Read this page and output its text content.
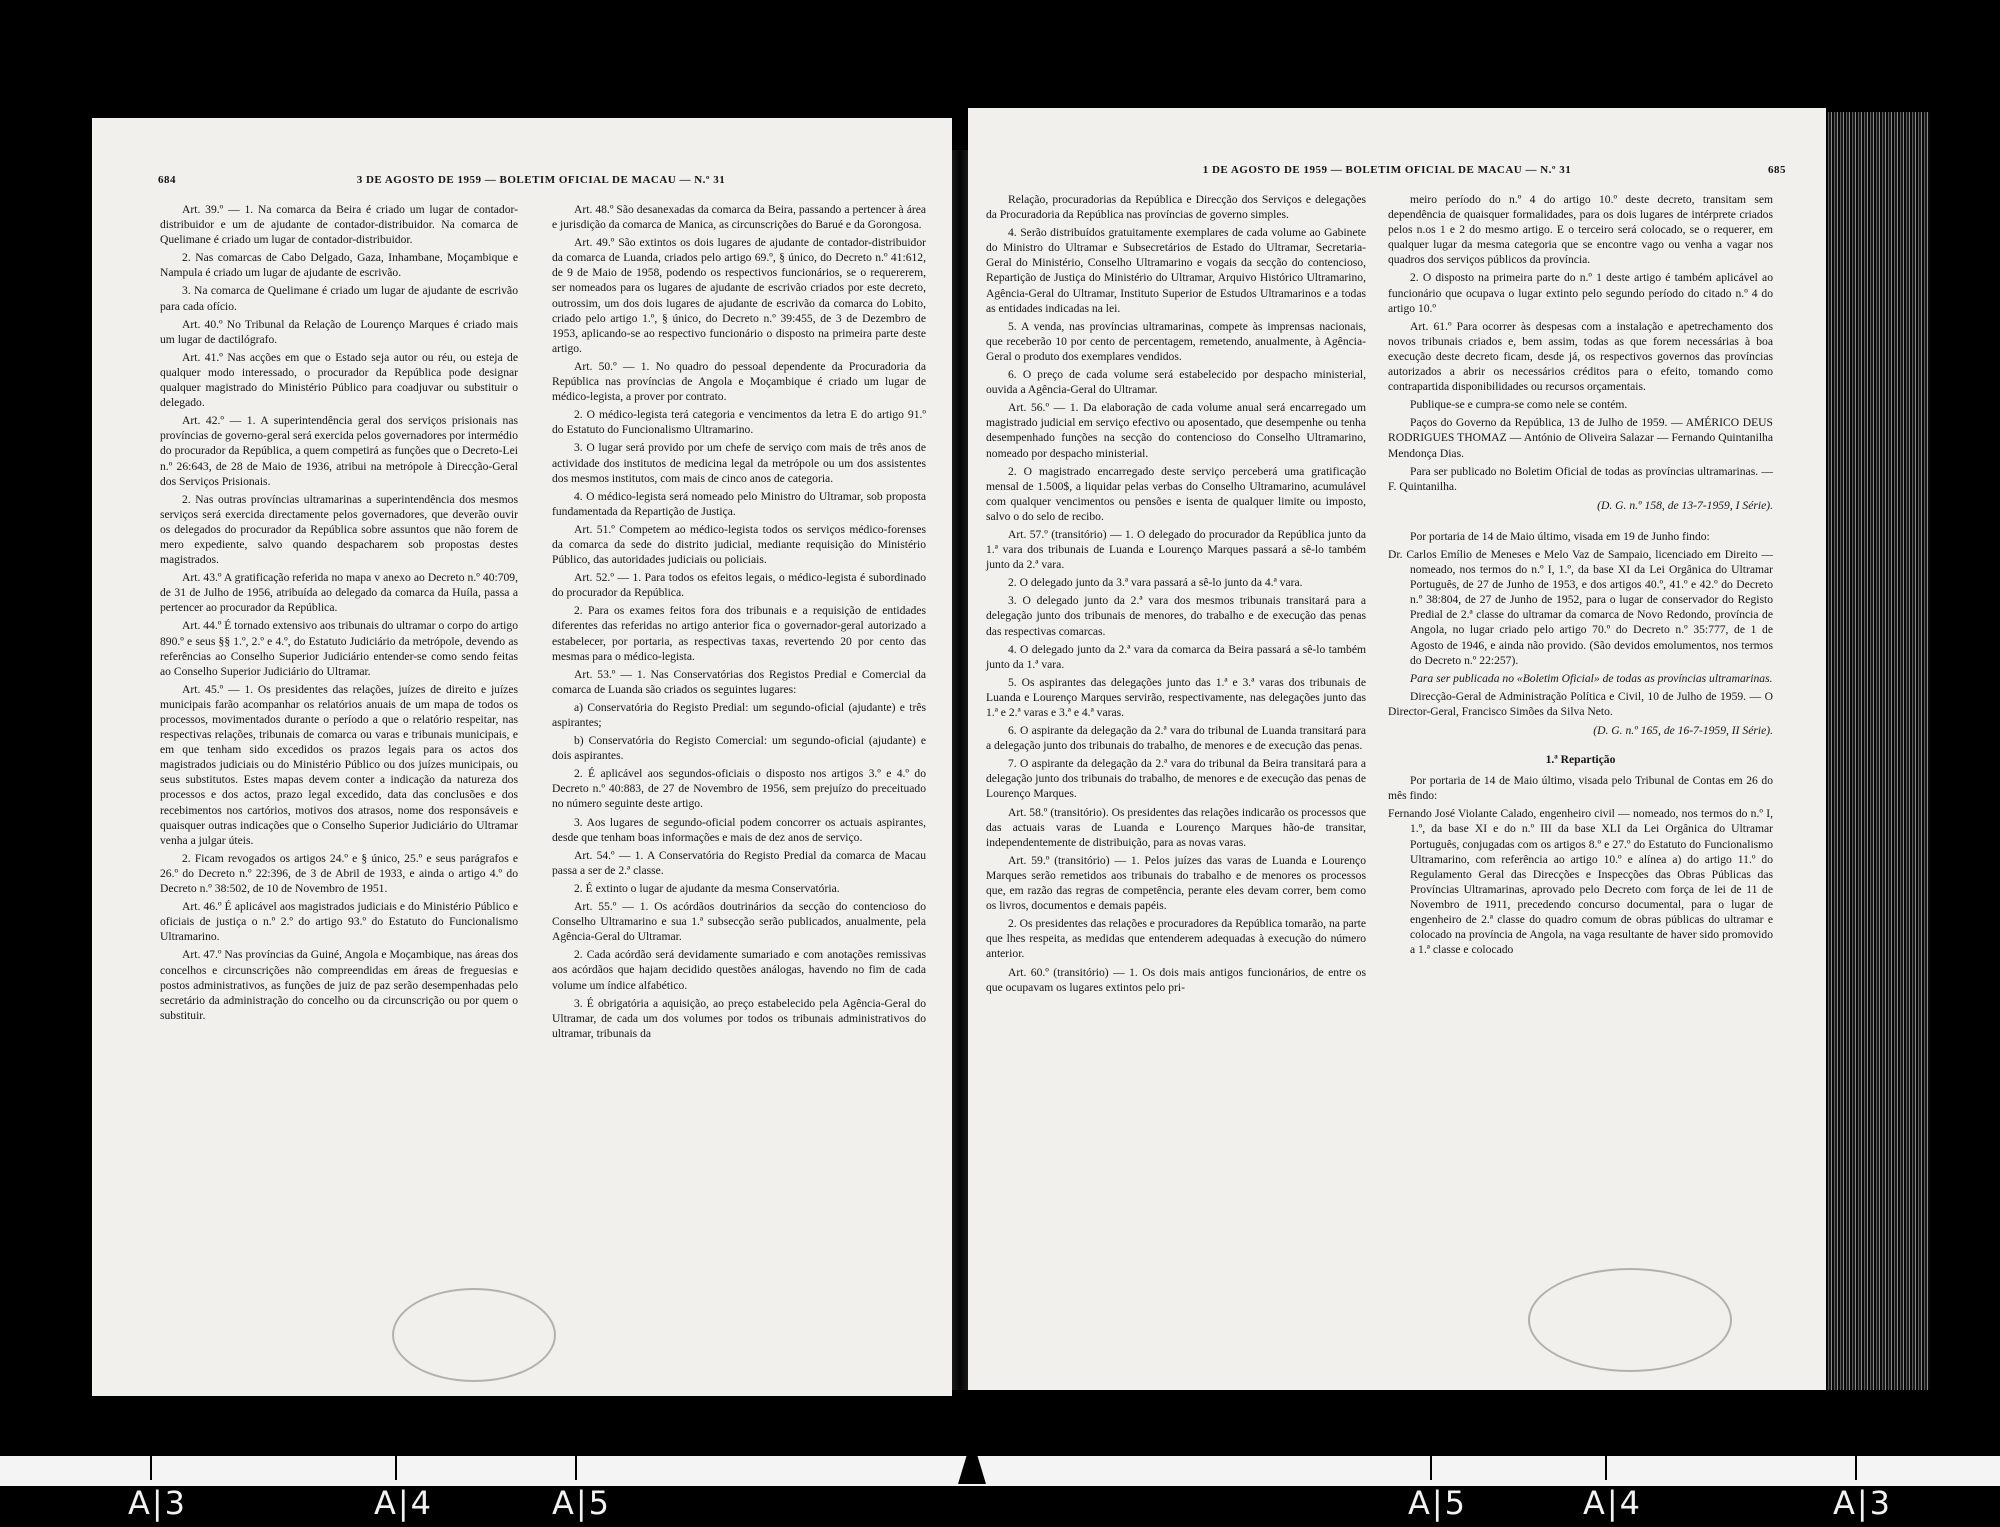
684	3 DE AGOSTO DE 1959 — BOLETIM OFICIAL DE MACAU — N.º 31

Art. 39.º — 1. Na comarca da Beira é criado um lugar de contador-distribuidor e um de ajudante de contador-distribuidor. Na comarca de Quelimane é criado um lugar de contador-distribuidor.

2. Nas comarcas de Cabo Delgado, Gaza, Inhambane, Moçambique e Nampula é criado um lugar de ajudante de escrivão.

3. Na comarca de Quelimane é criado um lugar de ajudante de escrivão para cada ofício.

Art. 40.º No Tribunal da Relação de Lourenço Marques é criado mais um lugar de dactilógrafo.

Art. 41.º Nas acções em que o Estado seja autor ou réu, ou esteja de qualquer modo interessado, o procurador da República pode designar qualquer magistrado do Ministério Público para coadjuvar ou substituir o delegado.

Art. 42.º — 1. A superintendência geral dos serviços prisionais nas províncias de governo-geral será exercida pelos governadores por intermédio do procurador da República, a quem competirá as funções que o Decreto-Lei n.º 26:643, de 28 de Maio de 1936, atribui na metrópole à Direcção-Geral dos Serviços Prisionais.

2. Nas outras províncias ultramarinas a superintendência dos mesmos serviços será exercida directamente pelos governadores, que deverão ouvir os delegados do procurador da República sobre assuntos que não forem de mero expediente, salvo quando despacharem sob propostas destes magistrados.

Art. 43.º A gratificação referida no mapa v anexo ao Decreto n.º 40:709, de 31 de Julho de 1956, atribuída ao delegado da comarca da Huíla, passa a pertencer ao procurador da República.

Art. 44.º É tornado extensivo aos tribunais do ultramar o corpo do artigo 890.º e seus §§ 1.º, 2.º e 4.º, do Estatuto Judiciário da metrópole, devendo as referências ao Conselho Superior Judiciário entender-se como sendo feitas ao Conselho Superior Judiciário do Ultramar.

Art. 45.º — 1. Os presidentes das relações, juízes de direito e juízes municipais farão acompanhar os relatórios anuais de um mapa de todos os processos, movimentados durante o período a que o relatório respeitar, nas respectivas relações, tribunais de comarca ou varas e tribunais municipais, e em que tenham sido excedidos os prazos legais para os actos dos magistrados judiciais ou do Ministério Público ou dos juízes municipais, ou seus substitutos. Estes mapas devem conter a indicação da natureza dos processos e dos actos, prazo legal excedido, data das conclusões e dos recebimentos nos cartórios, motivos dos atrasos, nome dos responsáveis e quaisquer outras indicações que o Conselho Superior Judiciário do Ultramar venha a julgar úteis.

2. Ficam revogados os artigos 24.º e § único, 25.º e seus parágrafos e 26.º do Decreto n.º 22:396, de 3 de Abril de 1933, e ainda o artigo 4.º do Decreto n.º 38:502, de 10 de Novembro de 1951.

Art. 46.º É aplicável aos magistrados judiciais e do Ministério Público e oficiais de justiça o n.º 2.º do artigo 93.º do Estatuto do Funcionalismo Ultramarino.

Art. 47.º Nas províncias da Guiné, Angola e Moçambique, nas áreas dos concelhos e circunscrições não compreendidas em áreas de freguesias e postos administrativos, as funções de juiz de paz serão desempenhadas pelo secretário da administração do concelho ou da circunscrição ou por quem o substituir.

Art. 48.º São desanexadas da comarca da Beira, passando a pertencer à área e jurisdição da comarca de Manica, as circunscrições do Barué e da Gorongosa.

Art. 49.º São extintos os dois lugares de ajudante de contador-distribuidor da comarca de Luanda, criados pelo artigo 69.º, § único, do Decreto n.º 41:612, de 9 de Maio de 1958, podendo os respectivos funcionários, se o requererem, ser nomeados para os lugares de ajudante de escrivão criados por este decreto, outrossim, um dos dois lugares de ajudante de escrivão da comarca do Lobito, criado pelo artigo 1.º, § único, do Decreto n.º 39:455, de 3 de Dezembro de 1953, aplicando-se ao respectivo funcionário o disposto na primeira parte deste artigo.

Art. 50.º — 1. No quadro do pessoal dependente da Procuradoria da República nas províncias de Angola e Moçambique é criado um lugar de médico-legista, a prover por contrato.

2. O médico-legista terá categoria e vencimentos da letra E do artigo 91.º do Estatuto do Funcionalismo Ultramarino.

3. O lugar será provido por um chefe de serviço com mais de três anos de actividade dos institutos de medicina legal da metrópole ou um dos assistentes dos mesmos institutos, com mais de cinco anos de categoria.

4. O médico-legista será nomeado pelo Ministro do Ultramar, sob proposta fundamentada da Repartição de Justiça.

Art. 51.º Competem ao médico-legista todos os serviços médico-forenses da comarca da sede do distrito judicial, mediante requisição do Ministério Público, das autoridades judiciais ou policiais.

Art. 52.º — 1. Para todos os efeitos legais, o médico-legista é subordinado do procurador da República.

2. Para os exames feitos fora dos tribunais e a requisição de entidades diferentes das referidas no artigo anterior fica o governador-geral autorizado a estabelecer, por portaria, as respectivas taxas, revertendo 20 por cento das mesmas para o médico-legista.

Art. 53.º — 1. Nas Conservatórias dos Registos Predial e Comercial da comarca de Luanda são criados os seguintes lugares:

a) Conservatória do Registo Predial: um segundo-oficial (ajudante) e três aspirantes;

b) Conservatória do Registo Comercial: um segundo-oficial (ajudante) e dois aspirantes.

2. É aplicável aos segundos-oficiais o disposto nos artigos 3.º e 4.º do Decreto n.º 40:883, de 27 de Novembro de 1956, sem prejuízo do preceituado no número seguinte deste artigo.

3. Aos lugares de segundo-oficial podem concorrer os actuais aspirantes, desde que tenham boas informações e mais de dez anos de serviço.

Art. 54.º — 1. A Conservatória do Registo Predial da comarca de Macau passa a ser de 2.ª classe.

2. É extinto o lugar de ajudante da mesma Conservatória.

Art. 55.º — 1. Os acórdãos doutrinários da secção do contencioso do Conselho Ultramarino e sua 1.ª subsecção serão publicados, anualmente, pela Agência-Geral do Ultramar.

2. Cada acórdão será devidamente sumariado e com anotações remissivas aos acórdãos que hajam decidido questões análogas, havendo no fim de cada volume um índice alfabético.

3. É obrigatória a aquisição, ao preço estabelecido pela Agência-Geral do Ultramar, de cada um dos volumes por todos os tribunais administrativos do ultramar, tribunais da

1 DE AGOSTO DE 1959 — BOLETIM OFICIAL DE MACAU — N.º 31	685

Relação, procuradorias da República e Direcção dos Serviços e delegações da Procuradoria da República nas províncias de governo simples.

4. Serão distribuídos gratuitamente exemplares de cada volume ao Gabinete do Ministro do Ultramar e Subsecretários de Estado do Ultramar, Secretaria-Geral do Ministério, Conselho Ultramarino e vogais da secção do contencioso, Repartição de Justiça do Ministério do Ultramar, Arquivo Histórico Ultramarino, Agência-Geral do Ultramar, Instituto Superior de Estudos Ultramarinos e a todas as entidades indicadas na lei.

5. A venda, nas províncias ultramarinas, compete às imprensas nacionais, que receberão 10 por cento de percentagem, remetendo, anualmente, à Agência-Geral o produto dos exemplares vendidos.

6. O preço de cada volume será estabelecido por despacho ministerial, ouvida a Agência-Geral do Ultramar.

Art. 56.º — 1. Da elaboração de cada volume anual será encarregado um magistrado judicial em serviço efectivo ou aposentado, que desempenhe ou tenha desempenhado funções na secção do contencioso do Conselho Ultramarino, nomeado por despacho ministerial.

2. O magistrado encarregado deste serviço perceberá uma gratificação mensal de 1.500$, a liquidar pelas verbas do Conselho Ultramarino, acumulável com qualquer vencimentos ou pensões e isenta de qualquer limite ou imposto, salvo o do selo de recibo.

Art. 57.º (transitório) — 1. O delegado do procurador da República junto da 1.ª vara dos tribunais de Luanda e Lourenço Marques passará a sê-lo também junto da 2.ª vara.

2. O delegado junto da 3.ª vara passará a sê-lo junto da 4.ª vara.

3. O delegado junto da 2.ª vara dos mesmos tribunais transitará para a delegação junto dos tribunais de menores, do trabalho e de execução das penas das respectivas comarcas.

4. O delegado junto da 2.ª vara da comarca da Beira passará a sê-lo também junto da 1.ª vara.

5. Os aspirantes das delegações junto das 1.ª e 3.ª varas dos tribunais de Luanda e Lourenço Marques servirão, respectivamente, nas delegações junto das 1.ª e 2.ª varas e 3.ª e 4.ª varas.

6. O aspirante da delegação da 2.ª vara do tribunal de Luanda transitará para a delegação junto dos tribunais do trabalho, de menores e de execução das penas.

7. O aspirante da delegação da 2.ª vara do tribunal da Beira transitará para a delegação junto dos tribunais do trabalho, de menores e de execução das penas de Lourenço Marques.

Art. 58.º (transitório). Os presidentes das relações indicarão os processos que das actuais varas de Luanda e Lourenço Marques hão-de transitar, independentemente de distribuição, para as novas varas.

Art. 59.º (transitório) — 1. Pelos juízes das varas de Luanda e Lourenço Marques serão remetidos aos tribunais do trabalho e de menores os processos que, em razão das regras de competência, perante eles devam correr, bem como os livros, documentos e demais papéis.

2. Os presidentes das relações e procuradores da República tomarão, na parte que lhes respeita, as medidas que entenderem adequadas à execução do número anterior.

Art. 60.º (transitório) — 1. Os dois mais antigos funcionários, de entre os que ocupavam os lugares extintos pelo pri-

meiro período do n.º 4 do artigo 10.º deste decreto, transitam sem dependência de quaisquer formalidades, para os dois lugares de intérprete criados pelos n.os 1 e 2 do mesmo artigo. E o terceiro será colocado, se o requerer, em qualquer lugar da mesma categoria que se encontre vago ou venha a vagar nos quadros dos serviços públicos da província.

2. O disposto na primeira parte do n.º 1 deste artigo é também aplicável ao funcionário que ocupava o lugar extinto pelo segundo período do citado n.º 4 do artigo 10.º

Art. 61.º Para ocorrer às despesas com a instalação e apetrechamento dos novos tribunais criados e, bem assim, todas as que forem necessárias à boa execução deste decreto ficam, desde já, os respectivos governos das províncias autorizados a abrir os necessários créditos para o efeito, tomando como contrapartida disponibilidades ou recursos orçamentais.

Publique-se e cumpra-se como nele se contém.

Paços do Governo da República, 13 de Julho de 1959. — AMÉRICO DEUS RODRIGUES THOMAZ — António de Oliveira Salazar — Fernando Quintanilha Mendonça Dias.

Para ser publicado no Boletim Oficial de todas as províncias ultramarinas. — F. Quintanilha.

(D. G. n.º 158, de 13-7-1959, I Série).

Por portaria de 14 de Maio último, visada em 19 de Junho findo:

Dr. Carlos Emílio de Meneses e Melo Vaz de Sampaio, licenciado em Direito — nomeado, nos termos do n.º I, 1.º, da base XI da Lei Orgânica do Ultramar Português, de 27 de Junho de 1953, e dos artigos 40.º, 41.º e 42.º do Decreto n.º 38:804, de 27 de Junho de 1952, para o lugar de conservador do Registo Predial de 2.ª classe do ultramar da comarca de Novo Redondo, província de Angola, no lugar criado pelo artigo 70.º do Decreto n.º 35:777, de 1 de Agosto de 1946, e ainda não provido. (São devidos emolumentos, nos termos do Decreto n.º 22:257).

Para ser publicada no «Boletim Oficial» de todas as províncias ultramarinas.

Direcção-Geral de Administração Política e Civil, 10 de Julho de 1959. — O Director-Geral, Francisco Simões da Silva Neto.

(D. G. n.º 165, de 16-7-1959, II Série).

1.ª Repartição

Por portaria de 14 de Maio último, visada pelo Tribunal de Contas em 26 do mês findo:

Fernando José Violante Calado, engenheiro civil — nomeado, nos termos do n.º I, 1.º, da base XI e do n.º III da base XLI da Lei Orgânica do Ultramar Português, conjugadas com os artigos 8.º e 27.º do Estatuto do Funcionalismo Ultramarino, com referência ao artigo 10.º e alínea a) do artigo 11.º do Regulamento Geral das Direcções e Inspecções das Obras Públicas das Províncias Ultramarinas, aprovado pelo Decreto com força de lei de 11 de Novembro de 1911, precedendo concurso documental, para o lugar de engenheiro de 2.ª classe do quadro comum de obras públicas do ultramar e colocado na província de Angola, na vaga resultante de haver sido promovido a 1.ª classe e colocado

A|3	A|4	A|5	A|5	A|4	A|3
